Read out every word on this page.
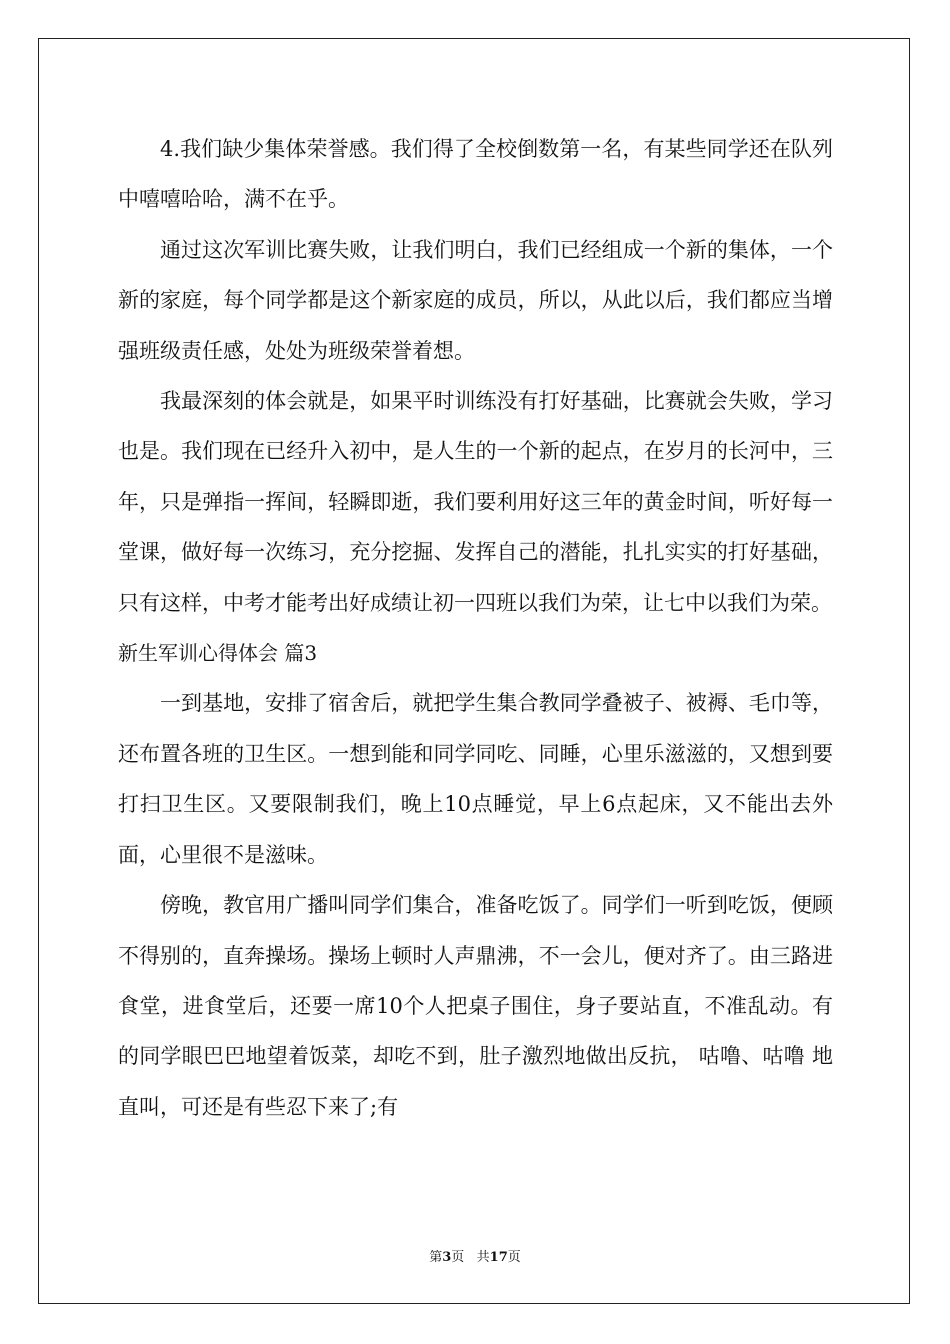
4.我们缺少集体荣誉感。我们得了全校倒数第一名，有某些同学还在队列中嘻嘻哈哈，满不在乎。

通过这次军训比赛失败，让我们明白，我们已经组成一个新的集体，一个新的家庭，每个同学都是这个新家庭的成员，所以，从此以后，我们都应当增强班级责任感，处处为班级荣誉着想。

我最深刻的体会就是，如果平时训练没有打好基础，比赛就会失败，学习也是。我们现在已经升入初中，是人生的一个新的起点，在岁月的长河中，三年，只是弹指一挥间，轻瞬即逝，我们要利用好这三年的黄金时间，听好每一堂课，做好每一次练习，充分挖掘、发挥自己的潜能，扎扎实实的打好基础，只有这样，中考才能考出好成绩让初一四班以我们为荣，让七中以我们为荣。

新生军训心得体会 篇3

一到基地，安排了宿舍后，就把学生集合教同学叠被子、被褥、毛巾等，还布置各班的卫生区。一想到能和同学同吃、同睡，心里乐滋滋的，又想到要打扫卫生区。又要限制我们，晚上10点睡觉，早上6点起床，又不能出去外面，心里很不是滋味。

傍晚，教官用广播叫同学们集合，准备吃饭了。同学们一听到吃饭，便顾不得别的，直奔操场。操场上顿时人声鼎沸，不一会儿，便对齐了。由三路进食堂，进食堂后，还要一席10个人把桌子围住，身子要站直，不准乱动。有的同学眼巴巴地望着饭菜，却吃不到，肚子激烈地做出反抗， 咕噜、咕噜 地直叫，可还是有些忍下来了;有

第3页   共17页
